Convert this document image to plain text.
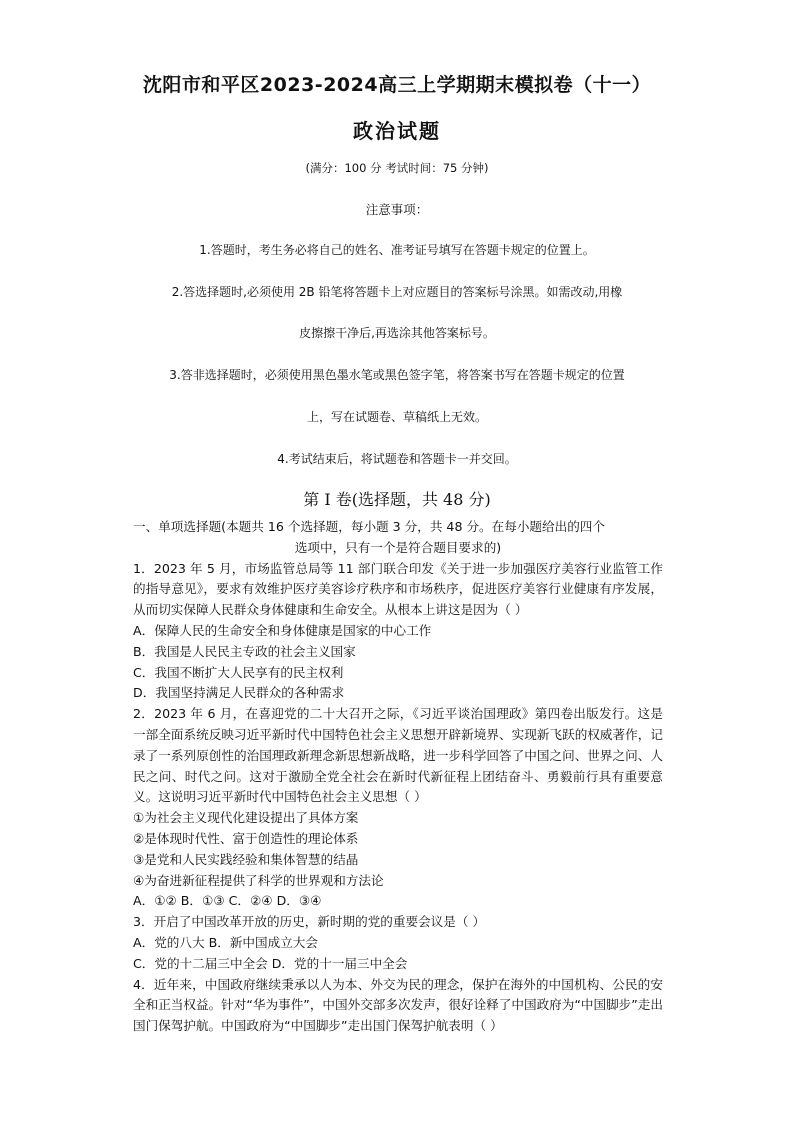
沈阳市和平区2023-2024高三上学期期末模拟卷（十一）
政治试题
(满分：100 分 考试时间：75 分钟)
注意事项：
1.答题时，考生务必将自己的姓名、准考证号填写在答题卡规定的位置上。
2.答选择题时,必须使用 2B 铅笔将答题卡上对应题目的答案标号涂黑。如需改动,用橡
皮擦擦干净后,再选涂其他答案标号。
3.答非选择题时，必须使用黑色墨水笔或黑色签字笔，将答案书写在答题卡规定的位置
上，写在试题卷、草稿纸上无效。
4.考试结束后，将试题卷和答题卡一并交回。
第 Ⅰ 卷(选择题，共 48 分)

一、单项选择题(本题共 16 个选择题，每小题 3 分，共 48 分。在每小题给出的四个

选项中，只有一个是符合题目要求的)

1．2023 年 5 月，市场监管总局等 11 部门联合印发《关于进一步加强医疗美容行业监管工作的指导意见》，要求有效维护医疗美容诊疗秩序和市场秩序，促进医疗美容行业健康有序发展，从而切实保障人民群众身体健康和生命安全。从根本上讲这是因为（ ）

A．保障人民的生命安全和身体健康是国家的中心工作

B．我国是人民民主专政的社会主义国家

C．我国不断扩大人民享有的民主权利

D．我国坚持满足人民群众的各种需求

2．2023 年 6 月，在喜迎党的二十大召开之际，《习近平谈治国理政》第四卷出版发行。这是一部全面系统反映习近平新时代中国特色社会主义思想开辟新境界、实现新飞跃的权威著作，记录了一系列原创性的治国理政新理念新思想新战略，进一步科学回答了中国之问、世界之问、人民之问、时代之问。这对于激励全党全社会在新时代新征程上团结奋斗、勇毅前行具有重要意义。这说明习近平新时代中国特色社会主义思想（ ）

①为社会主义现代化建设提出了具体方案

②是体现时代性、富于创造性的理论体系

③是党和人民实践经验和集体智慧的结晶

④为奋进新征程提供了科学的世界观和方法论

A．①② B．①③ C．②④ D．③④

3．开启了中国改革开放的历史，新时期的党的重要会议是（ ）

A．党的八大 B．新中国成立大会

C．党的十二届三中全会 D．党的十一届三中全会

4．近年来，中国政府继续秉承以人为本、外交为民的理念，保护在海外的中国机构、公民的安全和正当权益。针对“华为事件”，中国外交部多次发声，很好诠释了中国政府为“中国脚步”走出国门保驾护航。中国政府为“中国脚步”走出国门保驾护航表明（ ）
